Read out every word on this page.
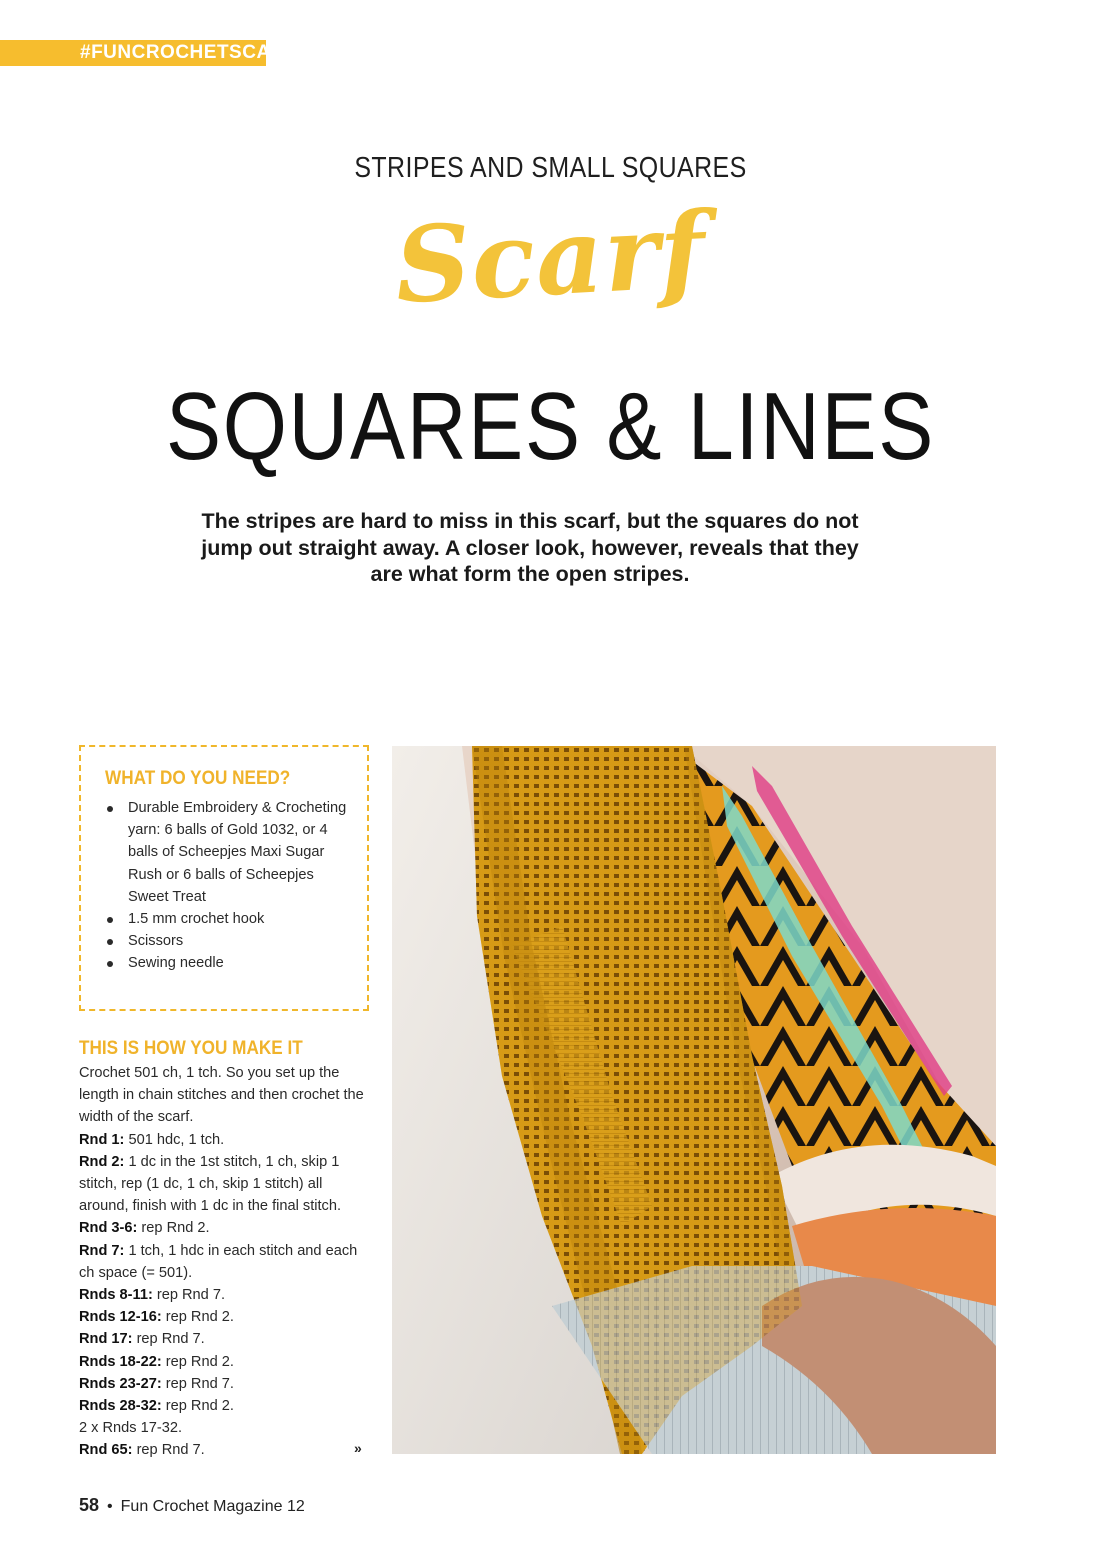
#FUNCROCHETSCARF
STRIPES AND SMALL SQUARES
Scarf
SQUARES & LINES
The stripes are hard to miss in this scarf, but the squares do not jump out straight away. A closer look, however, reveals that they are what form the open stripes.
WHAT DO YOU NEED?
Durable Embroidery & Crocheting yarn: 6 balls of Gold 1032, or 4 balls of Scheepjes Maxi Sugar Rush or 6 balls of Scheepjes Sweet Treat
1.5 mm crochet hook
Scissors
Sewing needle
THIS IS HOW YOU MAKE IT

Crochet 501 ch, 1 tch. So you set up the length in chain stitches and then crochet the width of the scarf.

Rnd 1: 501 hdc, 1 tch.

Rnd 2: 1 dc in the 1st stitch, 1 ch, skip 1 stitch, rep (1 dc, 1 ch, skip 1 stitch) all around, finish with 1 dc in the final stitch.

Rnd 3-6: rep Rnd 2.

Rnd 7: 1 tch, 1 hdc in each stitch and each ch space (= 501).

Rnds 8-11: rep Rnd 7.

Rnds 12-16: rep Rnd 2.

Rnd 17: rep Rnd 7.

Rnds 18-22: rep Rnd 2.

Rnds 23-27: rep Rnd 7.

Rnds 28-32: rep Rnd 2.

2 x Rnds 17-32.

Rnd 65: rep Rnd 7.	»
58 • Fun Crochet Magazine 12
